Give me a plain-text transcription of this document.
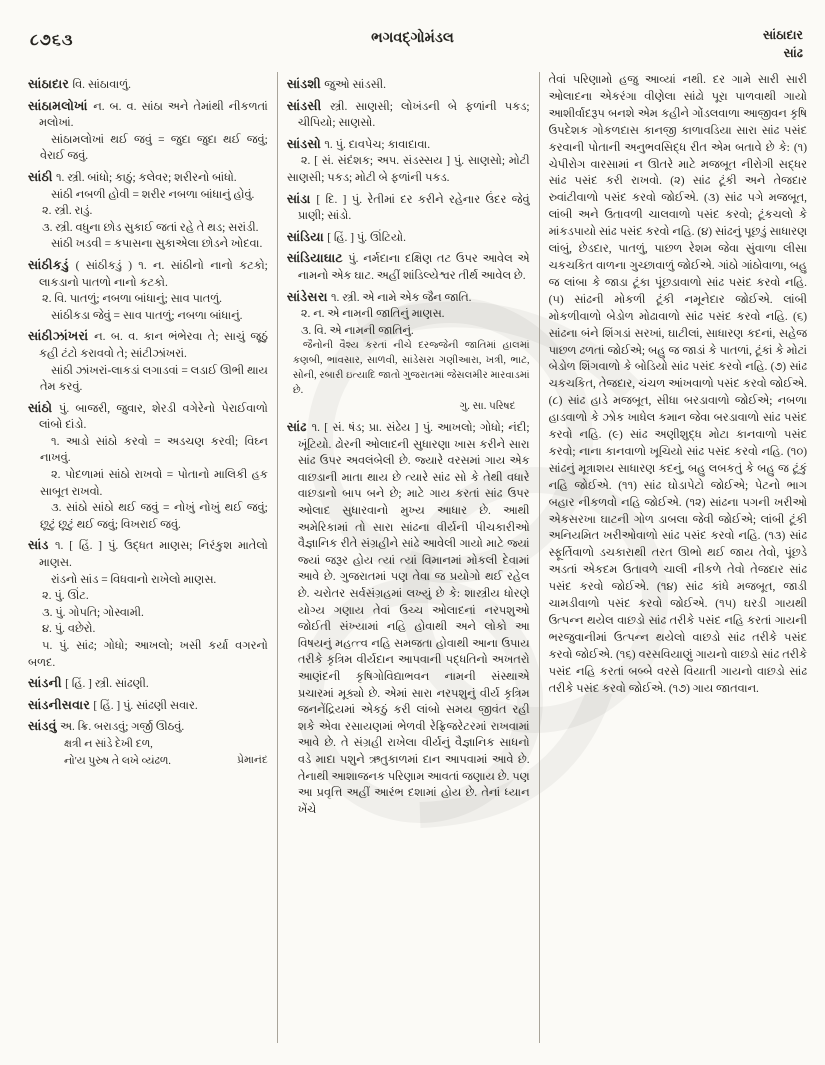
૮૭૬૩	ભગવદ્ગોમંડલ	સાંઠાદાર
સાંઢ

સાંઠાદાર વિ. સાંઠાવાળું.

સાંઠામલોખાં ન. બ. વ. સાંઠા અને તેમાંથી નીકળતાં મલોખાં.

સાંઠામલોખાં થઈ જવું = જુદા જુદા થઈ જવું; વેરાઈ જવું.

સાંઠી ૧. સ્ત્રી. બાંધો; કાઠું; કલેવર; શરીરનો બાંધો.

સાંઠી નબળી હોવી = શરીર નબળા બાંધાનું હોવું.

૨. સ્ત્રી. રાડું.

૩. સ્ત્રી. વધુના છોડ સુકાઈ જતાં રહે તે થડ; સરાંડી.

સાંઠી ખડવી = કપાસના સુકાએલા છોડને ખોદવા.

સાંઠીકડું ( સાંઠીકડું ) ૧. ન. સાંઠીનો નાનો કટકો; લાકડાનો પાતળો નાનો કટકો.

૨. વિ. પાતળું; નબળા બાંધાનું; સાવ પાતળું.

સાંઠીકડા જેવું = સાવ પાતળું; નબળા બાંધાનું.

સાંઠીઝાંખરાં ન. બ. વ. કાન ભંભેરવા તે; સાચું જૂઠું કહી ટંટો કરાવવો તે; સાંટીઝાંખરાં.

સાંઠી ઝાંખરાં-લાકડાં લગાડવાં = લડાઈ ઊભી થાય તેમ કરવું.

સાંઠો પું. બાજરી, જુવાર, શેરડી વગેરેનો પેરાઈવાળો લાંબો દાંડો.

૧. આડો સાંઠો કરવો = અડચણ કરવી; વિઘ્ન નાખવું.

૨. પોદળામાં સાંઠો રાખવો = પોતાનો માલિકી હક સાબૂત રાખવો.

૩. સાંઠો સાંઠો થઈ જવું = નોખું નોખું થઈ જવું; છૂટું છૂટું થઈ જવું; વિખરાઈ જવું.

સાંડ ૧. [ હિં. ] પું. ઉદ્ધત માણસ; નિરંકુશ માતેલો માણસ.

રાંડનો સાંડ = વિધવાનો રાખેલો માણસ.

૨. પું. ઊંટ.

૩. પું. ગોપતિ; ગોસ્વામી.

૪. પું. વછેરો.

૫. પું. સાંઢ; ગોધો; આખલો; ખસી કર્યા વગરનો બળદ.

સાંડની [ હિં. ] સ્ત્રી. સાંઢણી.

સાંડનીસવાર [ હિં. ] પું. સાંઢણી સવાર.

સાંડવું અ. ક્રિ. બરાડવું; ગર્જી ઊઠવું.

ક્ષત્રી ન સાંડે દેખી દળ,

નો'ય પુરુષ તે લખે વ્યંઢળ.	પ્રેમાનંદ

સાંડશી જુઓ સાંડસી.

સાંડસી સ્ત્રી. સાણસી; લોખંડની બે ફળાંની પકડ; ચીપિયો; સાણસો.

સાંડસો ૧. પું. દાવપેચ; કાવાદાવા.

૨. [ સં. સંદંશક; અપ. સંડસ્સય ] પું. સાણસો; મોટી સાણસી; પકડ; મોટી બે ફળાંની પકડ.

સાંડા [ દિ. ] પું. રેતીમાં દર કરીને રહેનાર ઉંદર જેવું પ્રાણી; સાંડો.

સાંડિયા [ હિં. ] પું. ઊંટિયો.

સાંડિયાઘાટ પું. નર્મદાના દક્ષિણ તટ ઉપર આવેલ એ નામનો એક ઘાટ. અહીં શાંડિલ્યેશ્વર તીર્થ આવેલ છે.

સાંડેસરા ૧. સ્ત્રી. એ નામે એક જૈન જાતિ.

૨. ન. એ નામની જાતિનું માણસ.

૩. વિ. એ નામની જાતિનું.

જૈનોની વૈશ્ય કરતાં નીચે દરજ્જેની જાતિમાં હાલમાં કણબી, ભાવસાર, સાળવી, સાંડેસરા ગણીઆરા, ખત્રી, ભાટ, સોની, રબારી ઇત્યાદિ જાતો ગુજરાતમાં જેસલમીર મારવાડમાં છે.

ગુ. સા. પરિષદ

સાંઢ ૧. [ સં. ષંડ; પ્રા. સંઢેય ] પું. આખલો; ગોધો; નંદી; ખૂંટિયો. ઢોરની ઓલાદની સુધારણા ખાસ કરીને સારા સાંઢ ઉપર અવલંબેલી છે. જ્યારે વરસમાં ગાય એક વાછડાની માતા થાય છે ત્યારે સાંઢ સો કે તેથી વધારે વાછડાનો બાપ બને છે; માટે ગાય કરતાં સાંઢ ઉપર ઓલાદ સુધારવાનો મુખ્ય આધાર છે. આથી અમેરિકામાં તો સારા સાંઢના વીર્યની પીચકારીઓ વૈજ્ઞાનિક રીતે સંગ્રહીને સાંઢે આવેલી ગાયો માટે જ્યાં જ્યાં જરૂર હોય ત્યાં ત્યાં વિમાનમાં મોકલી દેવામાં આવે છે. ગુજરાતમાં પણ તેવા જ પ્રયોગો થઈ રહેલ છે. ચરોતર સર્વસંગ્રહમાં લખ્યું છે કે: શાસ્ત્રીય ધોરણે યોગ્ય ગણાય તેવાં ઉચ્ચ ઓલાદનાં નરપશુઓ જોઈતી સંખ્યામાં નહિ હોવાથી અને લોકો આ વિષયનું મહત્ત્વ નહિ સમજતા હોવાથી આના ઉપાય તરીકે કૃત્રિમ વીર્યદાન આપવાની પદ્ધતિનો અખતરો આણંદની કૃષિગોવિદ્યાભવન નામની સંસ્થાએ પ્રચારમાં મૂક્યો છે. એમાં સારા નરપશુનું વીર્ય કૃત્રિમ જનનેંદ્રિયમાં એકઠું કરી લાંબો સમય જીવંત રહી શકે એવા રસાયણમાં ભેળવી રેફ્રિજરેટરમાં રાખવામાં આવે છે. તે સંગ્રહી રાખેલા વીર્યનું વૈજ્ઞાનિક સાધનો વડે માદા પશુને ઋતુકાળમાં દાન આપવામાં આવે છે. તેનાથી આશાજનક પરિણામ આવતાં જણાય છે. પણ આ પ્રવૃત્તિ અહીં આરંભ દશામાં હોય છે. તેનાં ધ્યાન ખેંચે

તેવાં પરિણામો હજુ આવ્યાં નથી. દર ગામે સારી સારી ઓલાદના એકરંગા વીણેલા સાંઢો પૂરા પાળવાથી ગાયો આશીર્વાદરૂપ બનશે એમ કહીને ગોંડલવાળા આજીવન કૃષિ ઉપદેશક ગોકળદાસ કાનજી કાળાવડિયા સારા સાંઢ પસંદ કરવાની પોતાની અનુભવસિદ્ધ રીત એમ બતાવે છે કે: (૧) ચેપીરોગ વારસામાં ન ઊતરે માટે મજબૂત નીરોગી સદ્ધર સાંઢ પસંદ કરી રાખવો. (૨) સાંઢ ટૂંકી અને તેજદાર રુવાંટીવાળો પસંદ કરવો જોઈએ. (૩) સાંઢ પગે મજબૂત, લાંબી અને ઉતાવળી ચાલવાળો પસંદ કરવો; ટૂંકચલો કે માંકડપાયો સાંઢ પસંદ કરવો નહિ. (૪) સાંઢનું પૂછડું સાધારણ લાંબું, છેડદાર, પાતળું, પાછળ રેશમ જેવા સુંવાળા લીસા ચકચકિત વાળના ગુચ્છાવાળું જોઈએ. ગાંઠો ગાંઠોવાળા, બહુ જ લાંબા કે જાડા ટૂંકા પૂંછડાવાળો સાંઢ પસંદ કરવો નહિ. (૫) સાંઢની મોકળી ટૂંકી નમૂનેદાર જોઈએ. લાંબી મોકળીવાળો બેડોળ મોઢાવાળો સાંઢ પસંદ કરવો નહિ. (૬) સાંઢના બંને શિંગડાં સરખાં, ઘાટીલાં, સાધારણ કદનાં, સહેજ પાછળ ઢળતાં જોઈએ; બહુ જ જાડાં કે પાતળાં, ટૂંકાં કે મોટાં બેડોળ શિંગવાળો કે બોડિયો સાંઢ પસંદ કરવો નહિ. (૭) સાંઢ ચકચકિત, તેજદાર, ચંચળ આંખવાળો પસંદ કરવો જોઈએ. (૮) સાંઢ હાડે મજબૂત, સીધા બરડાવાળો જોઈએ; નબળા હાડવાળો કે ઝોક ખાધેલ કમાન જેવા બરડાવાળો સાંઢ પસંદ કરવો નહિ. (૯) સાંઢ અણીશુદ્ધ મોટા કાનવાળો પસંદ કરવો; નાના કાનવાળો ખૂચિયો સાંઢ પસંદ કરવો નહિ. (૧૦) સાંઢનું મૂત્રાશય સાધારણ કદનું, બહુ લબકતું કે બહુ જ ટૂંકું નહિ જોઈએ. (૧૧) સાંઢ ઘોડાપેટો જોઈએ; પેટનો ભાગ બહાર નીકળવો નહિ જોઈએ. (૧૨) સાંઢના પગની ખરીઓ એકસરખા ઘાટની ગોળ ડાબલા જેવી જોઈએ; લાંબી ટૂંકી અનિયમિત ખરીઓવાળો સાંઢ પસંદ કરવો નહિ. (૧૩) સાંઢ સ્ફૂર્તિવાળો ડચકારાથી તરત ઊભો થઈ જાય તેવો, પૂંછડે અડતાં એકદમ ઉતાવળે ચાલી નીકળે તેવો તેજદાર સાંઢ પસંદ કરવો જોઈએ. (૧૪) સાંઢ કાંધે મજબૂત, જાડી ચામડીવાળો પસંદ કરવો જોઈએ. (૧૫) ઘરડી ગાયથી ઉત્પન્ન થયેલ વાછડો સાંઢ તરીકે પસંદ નહિ કરતાં ગાયની ભરજુવાનીમાં ઉત્પન્ન થયેલો વાછડો સાંઢ તરીકે પસંદ કરવો જોઈએ. (૧૬) વરસવિયાણું ગાયનો વાછડો સાંઢ તરીકે પસંદ નહિ કરતાં બબ્બે વરસે વિયાતી ગાયનો વાછડો સાંઢ તરીકે પસંદ કરવો જોઈએ. (૧૭) ગાય જાતવાન.
